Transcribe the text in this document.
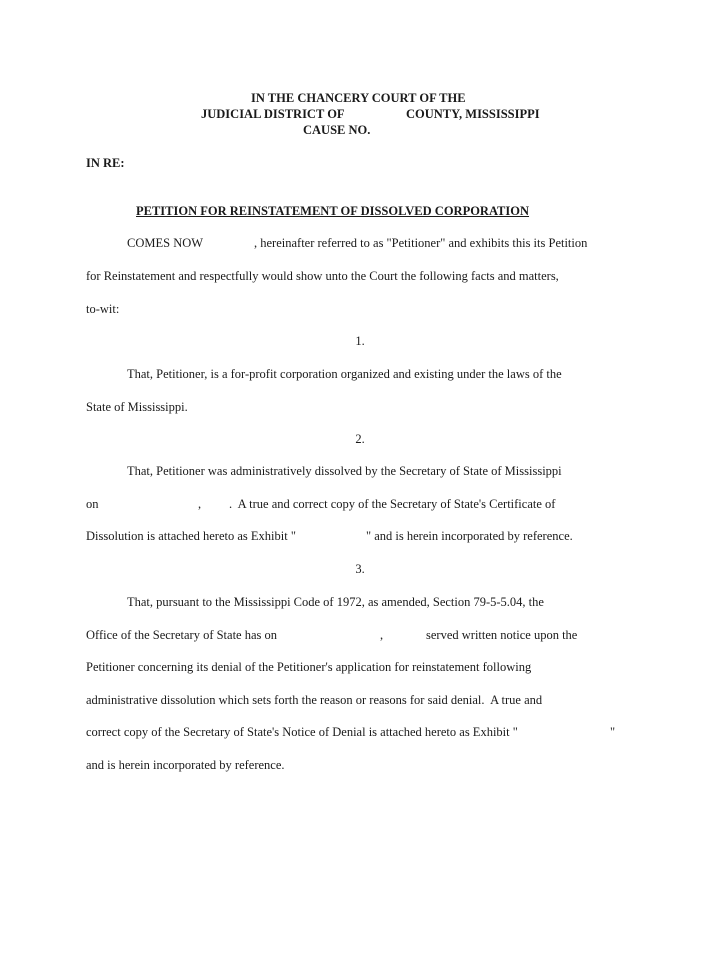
IN THE CHANCERY COURT OF THE
JUDICIAL DISTRICT OF	COUNTY, MISSISSIPPI
CAUSE NO.
IN RE:
PETITION FOR REINSTATEMENT OF DISSOLVED CORPORATION
COMES NOW	, hereinafter referred to as "Petitioner" and exhibits this its Petition
for Reinstatement and respectfully would show unto the Court the following facts and matters,
to-wit:
1.
That, Petitioner, is a for-profit corporation organized and existing under the laws of the
State of Mississippi.
2.
That, Petitioner was administratively dissolved by the Secretary of State of Mississippi
on	, .  A true and correct copy of the Secretary of State's Certificate of
Dissolution is attached hereto as Exhibit "	" and is herein incorporated by reference.
3.
That, pursuant to the Mississippi Code of 1972, as amended, Section 79-5-5.04, the
Office of the Secretary of State has on	,	served written notice upon the
Petitioner concerning its denial of the Petitioner's application for reinstatement following
administrative dissolution which sets forth the reason or reasons for said denial.  A true and
correct copy of the Secretary of State's Notice of Denial is attached hereto as Exhibit "	"
and is herein incorporated by reference.
